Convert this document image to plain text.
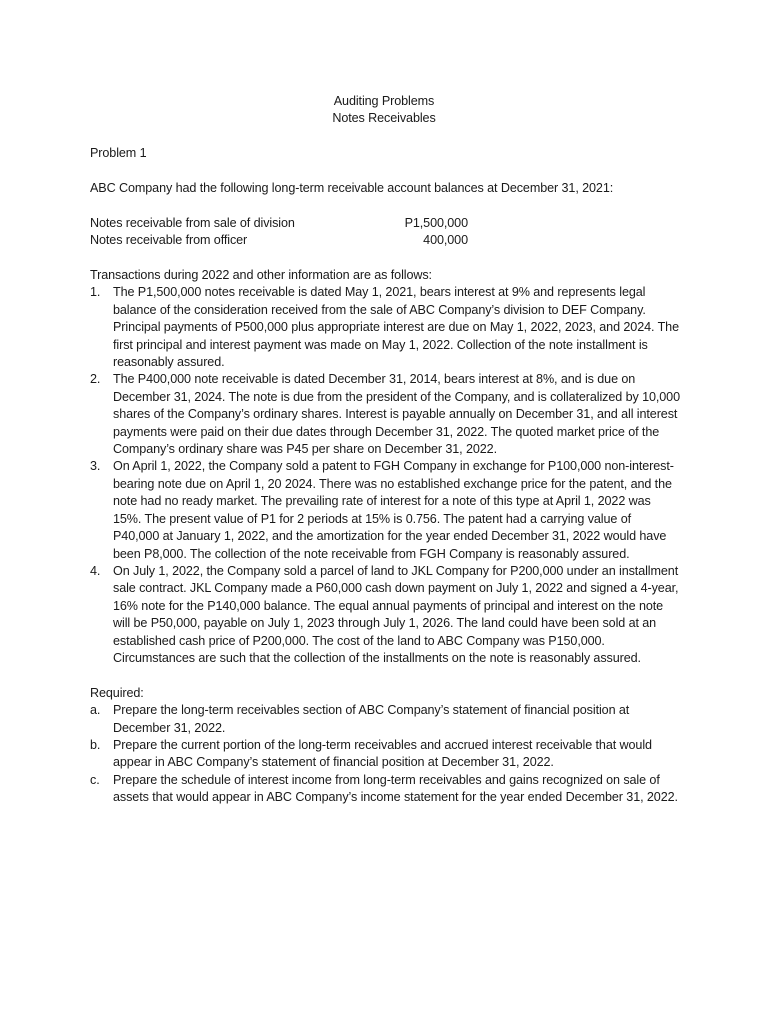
Auditing Problems
Notes Receivables
Problem 1
ABC Company had the following long-term receivable account balances at December 31, 2021:
Notes receivable from sale of division	P1,500,000
Notes receivable from officer	400,000
Transactions during 2022 and other information are as follows:
1.	The P1,500,000 notes receivable is dated May 1, 2021, bears interest at 9% and represents legal balance of the consideration received from the sale of ABC Company’s division to DEF Company. Principal payments of P500,000 plus appropriate interest are due on May 1, 2022, 2023, and 2024. The first principal and interest payment was made on May 1, 2022. Collection of the note installment is reasonably assured.
2.	The P400,000 note receivable is dated December 31, 2014, bears interest at 8%, and is due on December 31, 2024. The note is due from the president of the Company, and is collateralized by 10,000 shares of the Company’s ordinary shares. Interest is payable annually on December 31, and all interest payments were paid on their due dates through December 31, 2022. The quoted market price of the Company’s ordinary share was P45 per share on December 31, 2022.
3.	On April 1, 2022, the Company sold a patent to FGH Company in exchange for P100,000 non-interest-bearing note due on April 1, 20 2024. There was no established exchange price for the patent, and the note had no ready market. The prevailing rate of interest for a note of this type at April 1, 2022 was 15%. The present value of P1 for 2 periods at 15% is 0.756. The patent had a carrying value of P40,000 at January 1, 2022, and the amortization for the year ended December 31, 2022 would have been P8,000. The collection of the note receivable from FGH Company is reasonably assured.
4.	On July 1, 2022, the Company sold a parcel of land to JKL Company for P200,000 under an installment sale contract. JKL Company made a P60,000 cash down payment on July 1, 2022 and signed a 4-year, 16% note for the P140,000 balance. The equal annual payments of principal and interest on the note will be P50,000, payable on July 1, 2023 through July 1, 2026. The land could have been sold at an established cash price of P200,000. The cost of the land to ABC Company was P150,000. Circumstances are such that the collection of the installments on the note is reasonably assured.
Required:
a.	Prepare the long-term receivables section of ABC Company’s statement of financial position at December 31, 2022.
b.	Prepare the current portion of the long-term receivables and accrued interest receivable that would appear in ABC Company’s statement of financial position at December 31, 2022.
c.	Prepare the schedule of interest income from long-term receivables and gains recognized on sale of assets that would appear in ABC Company’s income statement for the year ended December 31, 2022.
